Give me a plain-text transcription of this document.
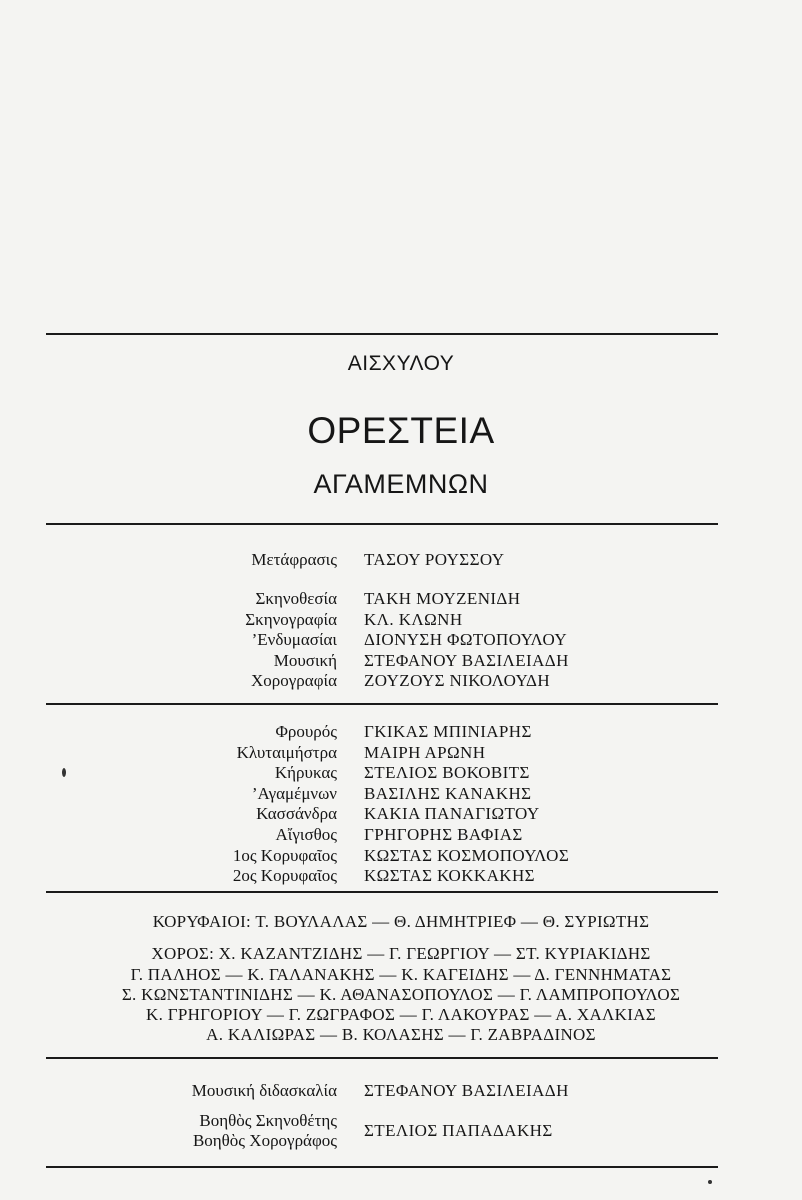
ΑΙΣΧΥΛΟΥ
ΟΡΕΣΤΕΙΑ
ΑΓΑΜΕΜΝΩΝ
Μετάφρασις ΤΑΣΟΥ ΡΟΥΣΣΟΥ
Σκηνοθεσία ΤΑΚΗ ΜΟΥΖΕΝΙΔΗ
Σκηνογραφία ΚΛ. ΚΛΩΝΗ
’Ενδυμασίαι ΔΙΟΝΥΣΗ ΦΩΤΟΠΟΥΛΟΥ
Μουσική ΣΤΕΦΑΝΟΥ ΒΑΣΙΛΕΙΑΔΗ
Χορογραφία ΖΟΥΖΟΥΣ ΝΙΚΟΛΟΥΔΗ
Φρουρός ΓΚΙΚΑΣ ΜΠΙΝΙΑΡΗΣ
Κλυταιμήστρα ΜΑΙΡΗ ΑΡΩΝΗ
Κήρυκας ΣΤΕΛΙΟΣ ΒΟΚΟΒΙΤΣ
’Αγαμέμνων ΒΑΣΙΛΗΣ ΚΑΝΑΚΗΣ
Κασσάνδρα ΚΑΚΙΑ ΠΑΝΑΓΙΩΤΟΥ
Αἴγισθος ΓΡΗΓΟΡΗΣ ΒΑΦΙΑΣ
1ος Κορυφαῖος ΚΩΣΤΑΣ ΚΟΣΜΟΠΟΥΛΟΣ
2ος Κορυφαῖος ΚΩΣΤΑΣ ΚΟΚΚΑΚΗΣ
ΚΟΡΥΦΑΙΟΙ: Τ. ΒΟΥΛΑΛΑΣ — Θ. ΔΗΜΗΤΡΙΕΦ — Θ. ΣΥΡΙΩΤΗΣ
ΧΟΡΟΣ: Χ. ΚΑΖΑΝΤΖΙΔΗΣ — Γ. ΓΕΩΡΓΙΟΥ — ΣΤ. ΚΥΡΙΑΚΙΔΗΣ
Γ. ΠΑΛΗΟΣ — Κ. ΓΑΛΑΝΑΚΗΣ — Κ. ΚΑΓΕΙΔΗΣ — Δ. ΓΕΝΝΗΜΑΤΑΣ
Σ. ΚΩΝΣΤΑΝΤΙΝΙΔΗΣ — Κ. ΑΘΑΝΑΣΟΠΟΥΛΟΣ — Γ. ΛΑΜΠΡΟΠΟΥΛΟΣ
Κ. ΓΡΗΓΟΡΙΟΥ — Γ. ΖΩΓΡΑΦΟΣ — Γ. ΛΑΚΟΥΡΑΣ — Α. ΧΑΛΚΙΑΣ
Α. ΚΑΛΙΩΡΑΣ — Β. ΚΟΛΑΣΗΣ — Γ. ΖΑΒΡΑΔΙΝΟΣ
Μουσική διδασκαλία ΣΤΕΦΑΝΟΥ ΒΑΣΙΛΕΙΑΔΗ
Βοηθὸς Σκηνοθέτης
Βοηθὸς Χορογράφος
ΣΤΕΛΙΟΣ ΠΑΠΑΔΑΚΗΣ
